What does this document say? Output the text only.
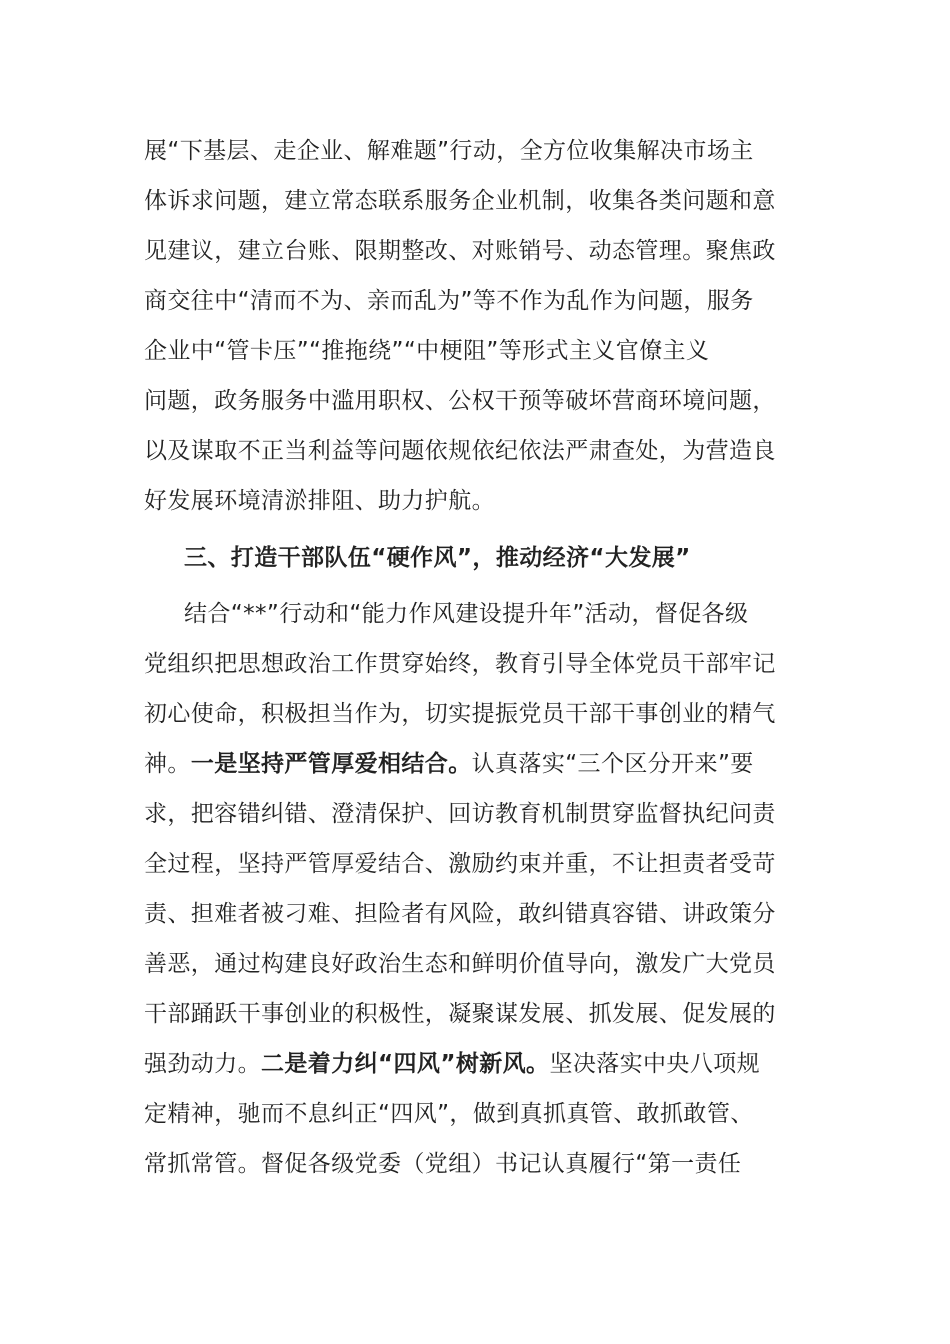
展“下基层、走企业、解难题”行动，全方位收集解决市场主
体诉求问题，建立常态联系服务企业机制，收集各类问题和意
见建议，建立台账、限期整改、对账销号、动态管理。聚焦政
商交往中“清而不为、亲而乱为”等不作为乱作为问题，服务
企业中“管卡压”“推拖绕”“中梗阻”等形式主义官僚主义
问题，政务服务中滥用职权、公权干预等破坏营商环境问题，
以及谋取不正当利益等问题依规依纪依法严肃查处，为营造良
好发展环境清淤排阻、助力护航。
三、打造干部队伍“硬作风”，推动经济“大发展”
结合“**”行动和“能力作风建设提升年”活动，督促各级
党组织把思想政治工作贯穿始终，教育引导全体党员干部牢记
初心使命，积极担当作为，切实提振党员干部干事创业的精气
神。一是坚持严管厚爱相结合。认真落实“三个区分开来”要
求，把容错纠错、澄清保护、回访教育机制贯穿监督执纪问责
全过程，坚持严管厚爱结合、激励约束并重，不让担责者受苛
责、担难者被刁难、担险者有风险，敢纠错真容错、讲政策分
善恶，通过构建良好政治生态和鲜明价值导向，激发广大党员
干部踊跃干事创业的积极性，凝聚谋发展、抓发展、促发展的
强劲动力。二是着力纠“四风”树新风。坚决落实中央八项规
定精神，驰而不息纠正“四风”，做到真抓真管、敢抓敢管、
常抓常管。督促各级党委（党组）书记认真履行“第一责任
